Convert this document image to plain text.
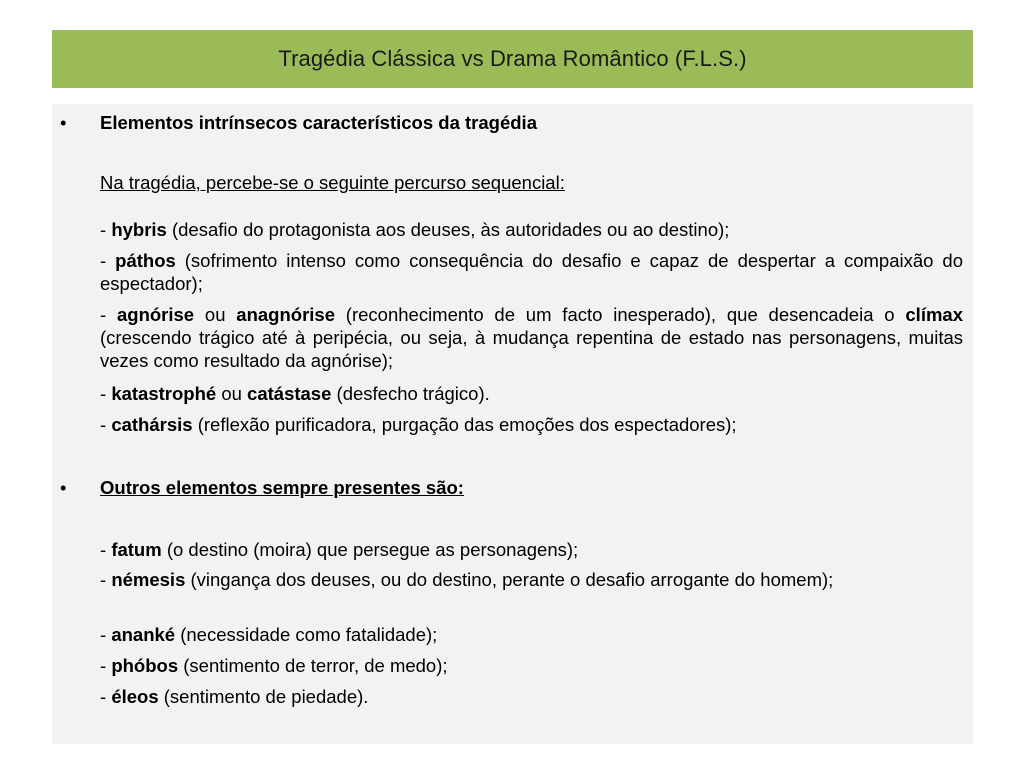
Tragédia Clássica vs Drama Romântico (F.L.S.)
• Elementos intrínsecos característicos da tragédia
Na tragédia, percebe-se o seguinte percurso sequencial:
- hybris (desafio do protagonista aos deuses, às autoridades ou ao destino);
- páthos (sofrimento intenso como consequência do desafio e capaz de despertar a compaixão do espectador);
- agnórise ou anagnórise (reconhecimento de um facto inesperado), que desencadeia o clímax (crescendo trágico até à peripécia, ou seja, à mudança repentina de estado nas personagens, muitas vezes como resultado da agnórise);
- katastrophé ou catástase (desfecho trágico).
- cathársis (reflexão purificadora, purgação das emoções dos espectadores);
• Outros elementos sempre presentes são:
- fatum (o destino (moira) que persegue as personagens);
- némesis (vingança dos deuses, ou do destino, perante o desafio arrogante do homem);
- ananké (necessidade como fatalidade);
- phóbos (sentimento de terror, de medo);
- éleos (sentimento de piedade).
